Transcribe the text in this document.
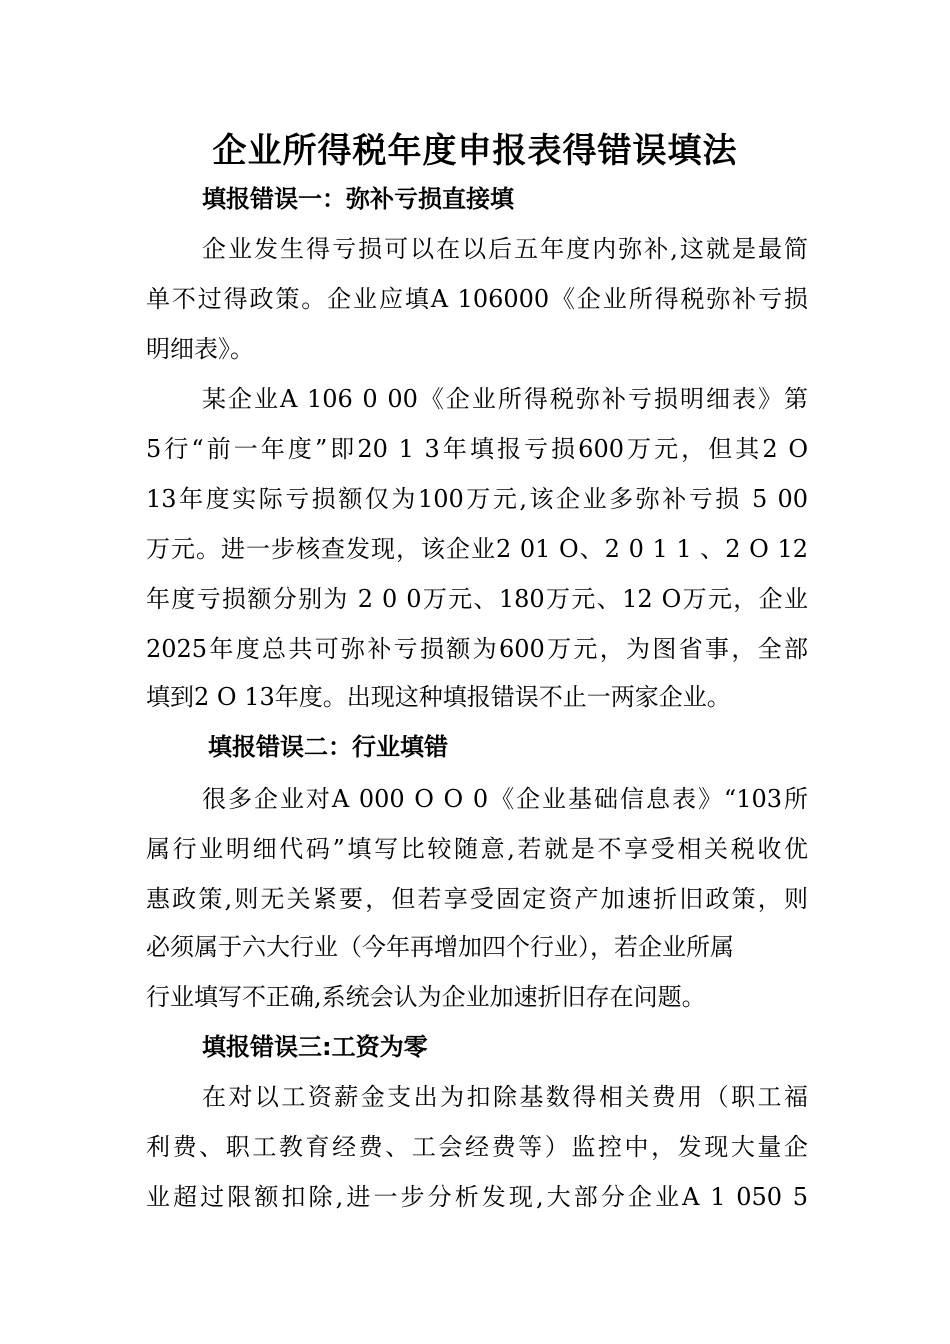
企业所得税年度申报表得错误填法
填报错误一：弥补亏损直接填

企业发生得亏损可以在以后五年度内弥补,这就是最简

单不过得政策。企业应填A 106000《企业所得税弥补亏损

明细表》。

某企业A 106 0 00《企业所得税弥补亏损明细表》第

5行“前一年度”即20 1 3年填报亏损600万元，但其2 O

13年度实际亏损额仅为100万元,该企业多弥补亏损 5 00

万元。进一步核查发现，该企业2 01 O、2 0 1 1 、2 O 12

年度亏损额分别为 2 0 0万元、180万元、12 O万元，企业

2025年度总共可弥补亏损额为600万元，为图省事，全部

填到2 O 13年度。出现这种填报错误不止一两家企业。

填报错误二：行业填错

很多企业对A 000 O O 0《企业基础信息表》“103所

属行业明细代码”填写比较随意,若就是不享受相关税收优

惠政策,则无关紧要，但若享受固定资产加速折旧政策，则

必须属于六大行业（今年再增加四个行业），若企业所属

行业填写不正确,系统会认为企业加速折旧存在问题。

填报错误三:工资为零

在对以工资薪金支出为扣除基数得相关费用（职工福

利费、职工教育经费、工会经费等）监控中，发现大量企

业超过限额扣除,进一步分析发现,大部分企业A 1 050 5
